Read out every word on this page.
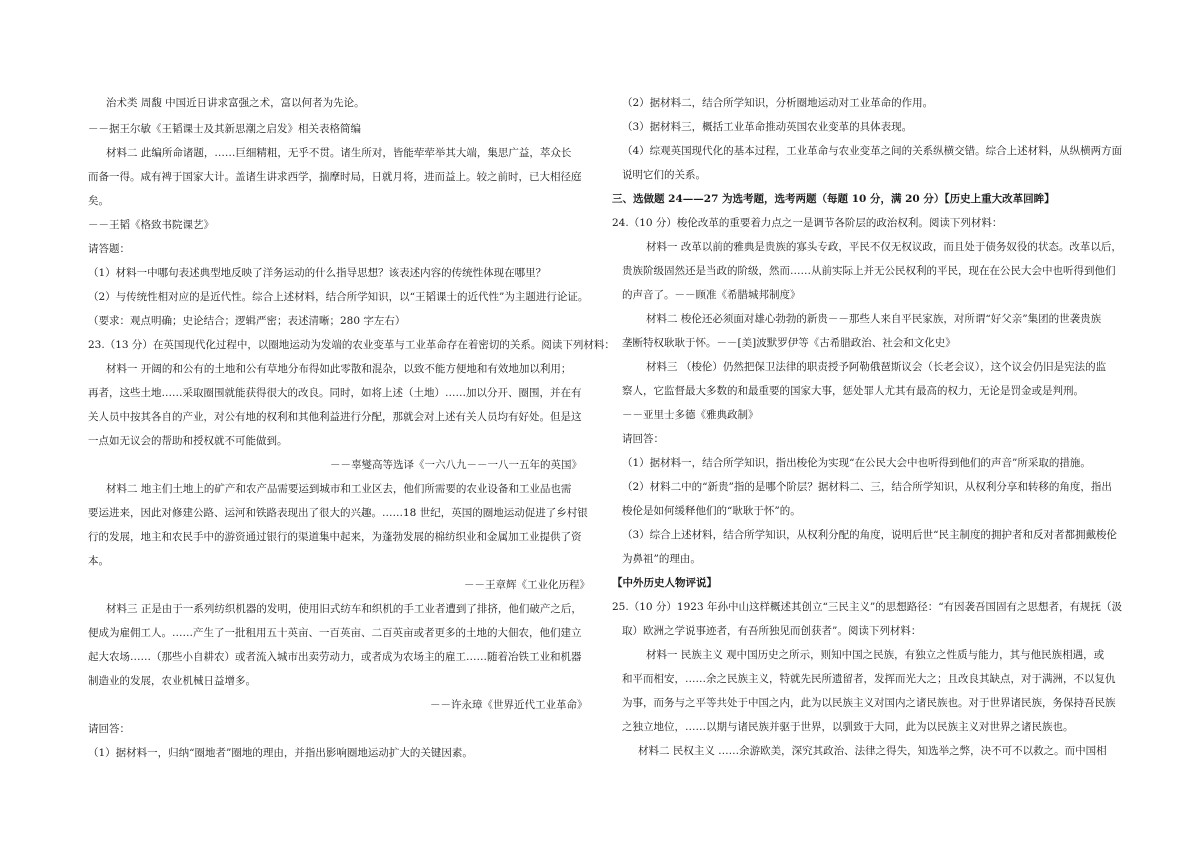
治术类 周馥 中国近日讲求富强之术，富以何者为先论。
－－据王尔敏《王韬课士及其新思潮之启发》相关表格简编
材料二 此编所命诸题，……巨细精粗，无乎不贯。诸生所对，皆能荦荦举其大端，集思广益，萃众长
而备一得。咸有裨于国家大计。盖诸生讲求西学，揣摩时局，日就月将，进而益上。较之前时，已大相径庭
矣。
－－王韬《格致书院课艺》
请答题：
（1）材料一中哪句表述典型地反映了洋务运动的什么指导思想？该表述内容的传统性体现在哪里？
（2）与传统性相对应的是近代性。综合上述材料，结合所学知识，以“王韬课士的近代性”为主题进行论证。
（要求：观点明确；史论结合；逻辑严密；表述清晰；280 字左右）
23.（13 分）在英国现代化过程中，以圈地运动为发端的农业变革与工业革命存在着密切的关系。阅读下列材料：
材料一 开阔的和公有的土地和公有草地分布得如此零散和混杂，以致不能方便地和有效地加以利用；
再者，这些土地……采取圈围就能获得很大的改良。同时，如将上述（土地）……加以分开、圈围，并在有
关人员中按其各自的产业，对公有地的权利和其他利益进行分配，那就会对上述有关人员均有好处。但是这
一点如无议会的帮助和授权就不可能做到。
－－辜燮高等选译《一六八九－－一八一五年的英国》
材料二 地主们土地上的矿产和农产品需要运到城市和工业区去，他们所需要的农业设备和工业品也需
要运进来，因此对修建公路、运河和铁路表现出了很大的兴趣。……18 世纪，英国的圈地运动促进了乡村银
行的发展，地主和农民手中的游资通过银行的渠道集中起来，为蓬勃发展的棉纺织业和金属加工业提供了资
本。
－－王章辉《工业化历程》
材料三 正是由于一系列纺织机器的发明，使用旧式纺车和织机的手工业者遭到了排挤，他们破产之后，
便成为雇佣工人。……产生了一批租用五十英亩、一百英亩、二百英亩或者更多的土地的大佃农，他们建立
起大农场……（那些小自耕农）或者流入城市出卖劳动力，或者成为农场主的雇工……随着冶铁工业和机器
制造业的发展，农业机械日益增多。
－－许永璋《世界近代工业革命》
请回答：
（1）据材料一，归纳“圈地者”圈地的理由，并指出影响圈地运动扩大的关键因素。
（2）据材料二，结合所学知识，分析圈地运动对工业革命的作用。
（3）据材料三，概括工业革命推动英国农业变革的具体表现。
（4）综观英国现代化的基本过程，工业革命与农业变革之间的关系纵横交错。综合上述材料，从纵横两方面
说明它们的关系。
三、选做题 24——27 为选考题，选考两题（每题 10 分，满 20 分）【历史上重大改革回眸】
24.（10 分）梭伦改革的重要着力点之一是调节各阶层的政治权利。阅读下列材料：
材料一 改革以前的雅典是贵族的寡头专政，平民不仅无权议政，而且处于债务奴役的状态。改革以后，
贵族阶级固然还是当政的阶级，然而……从前实际上并无公民权利的平民，现在在公民大会中也听得到他们
的声音了。－－顾准《希腊城邦制度》
材料二 梭伦还必须面对雄心勃勃的新贵－－那些人来自平民家族，对所谓“好父亲”集团的世袭贵族
垄断特权耿耿于怀。－－[美]波默罗伊等《古希腊政治、社会和文化史》
材料三 （梭伦）仍然把保卫法律的职责授予阿勒俄琶斯议会（长老会议），这个议会仍旧是宪法的监
察人，它监督最大多数的和最重要的国家大事，惩处罪人尤其有最高的权力，无论是罚金或是判刑。
－－亚里士多德《雅典政制》
请回答：
（1）据材料一，结合所学知识，指出梭伦为实现“在公民大会中也听得到他们的声音”所采取的措施。
（2）材料二中的“新贵”指的是哪个阶层？据材料二、三，结合所学知识，从权利分享和转移的角度，指出
梭伦是如何缓释他们的“耿耿于怀”的。
（3）综合上述材料，结合所学知识，从权利分配的角度，说明后世“民主制度的拥护者和反对者都拥戴梭伦
为鼻祖”的理由。
【中外历史人物评说】
25.（10 分）1923 年孙中山这样概述其创立“三民主义”的思想路径：“有因袭吾国固有之思想者，有规抚（汲
取）欧洲之学说事迹者，有吾所独见而创获者”。阅读下列材料：
材料一 民族主义 观中国历史之所示，则知中国之民族，有独立之性质与能力，其与他民族相遇，或
和平而相安，……余之民族主义，特就先民所遗留者，发挥而光大之；且改良其缺点，对于满洲，不以复仇
为事，而务与之平等共处于中国之内，此为以民族主义对国内之诸民族也。对于世界诸民族，务保持吾民族
之独立地位，……以期与诸民族并驱于世界，以驯致于大同，此为以民族主义对世界之诸民族也。
材料二 民权主义 ……余游欧美，深究其政治、法律之得失，知选举之弊，决不可不以救之。而中国相
